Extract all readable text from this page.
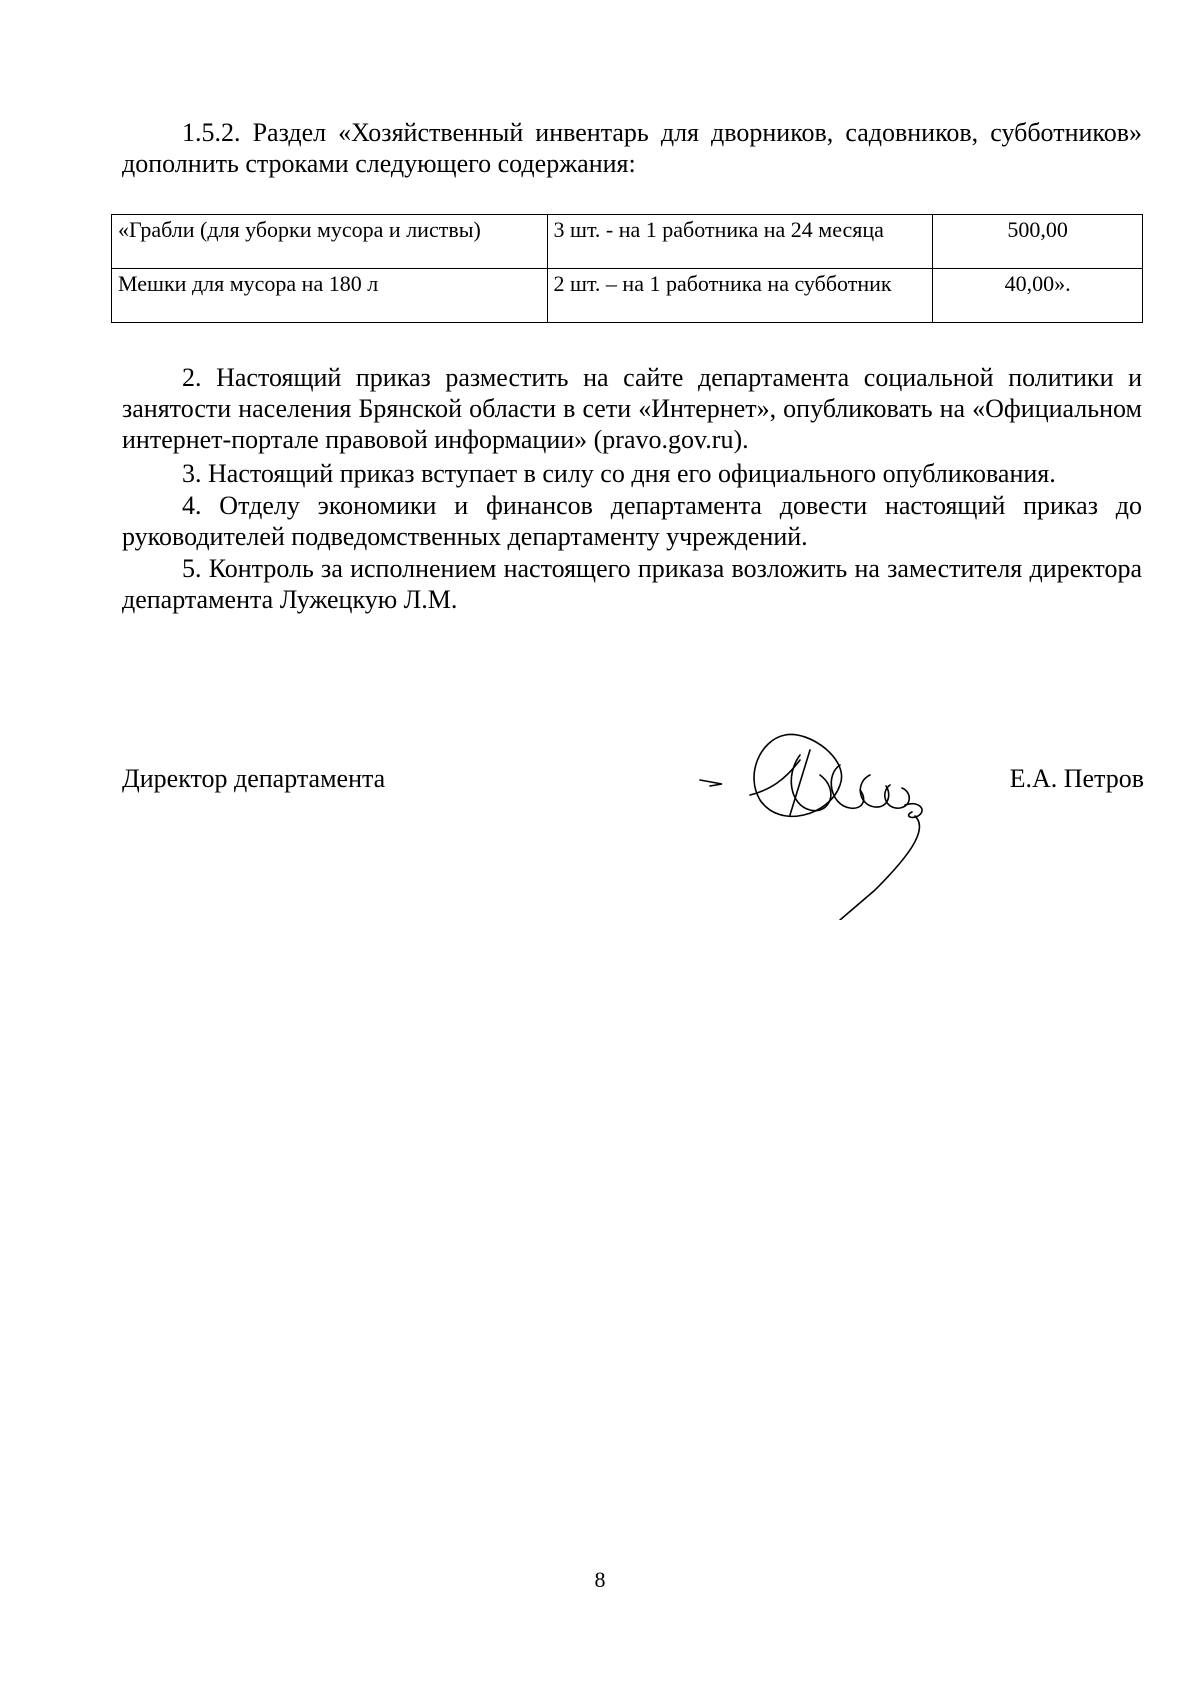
1.5.2. Раздел «Хозяйственный инвентарь для дворников, садовников, субботников» дополнить строками следующего содержания:

«Грабли (для уборки мусора и листвы)	3 шт. - на 1 работника на 24 месяца	500,00
Мешки для мусора на 180 л	2 шт. – на 1 работника на субботник	40,00».

2. Настоящий приказ разместить на сайте департамента социальной политики и занятости населения Брянской области в сети «Интернет», опубликовать на «Официальном интернет-портале правовой информации» (pravo.gov.ru).

3. Настоящий приказ вступает в силу со дня его официального опубликования.

4. Отделу экономики и финансов департамента довести настоящий приказ до руководителей подведомственных департаменту учреждений.

5. Контроль за исполнением настоящего приказа возложить на заместителя директора департамента Лужецкую Л.М.

Директор департамента	Е.А. Петров

8
